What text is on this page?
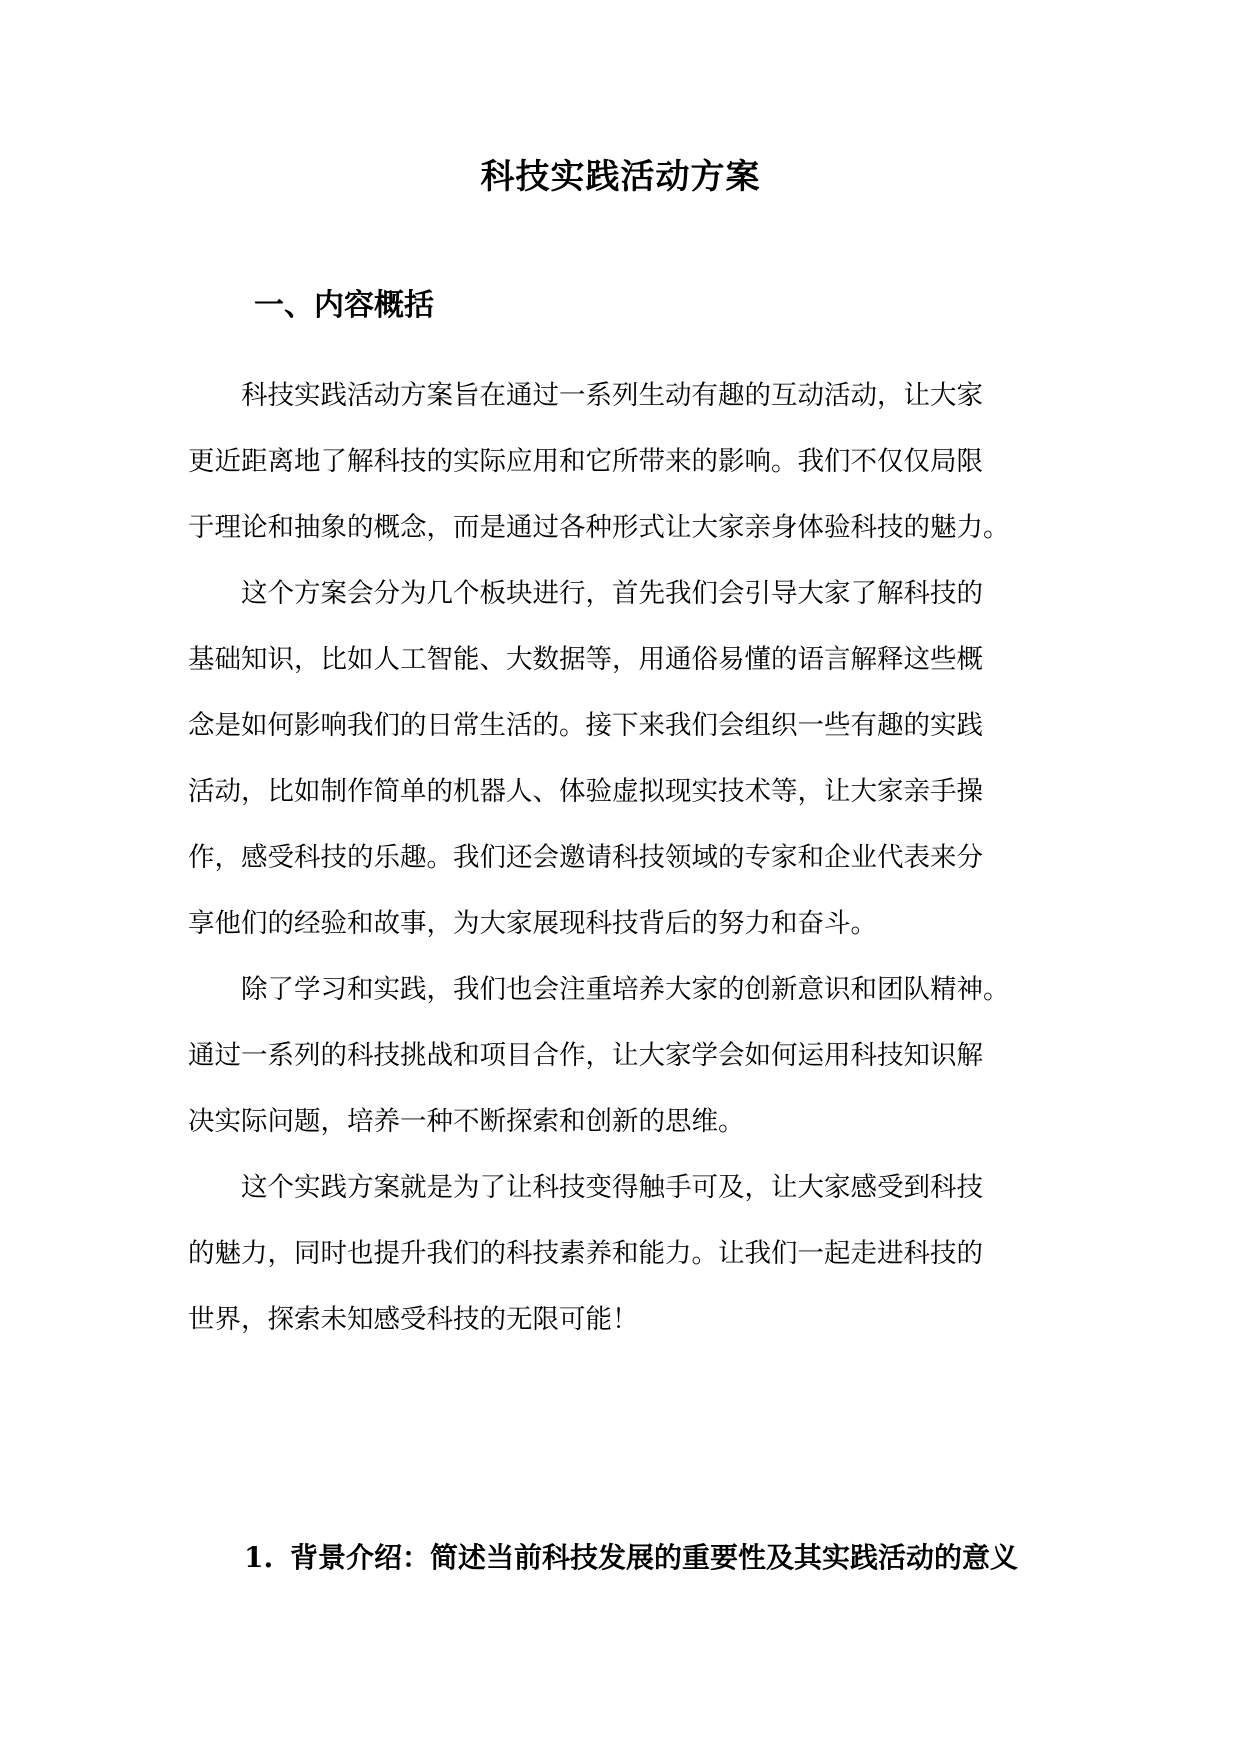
科技实践活动方案
一、内容概括

科技实践活动方案旨在通过一系列生动有趣的互动活动，让大家
更近距离地了解科技的实际应用和它所带来的影响。我们不仅仅局限
于理论和抽象的概念，而是通过各种形式让大家亲身体验科技的魅力。

这个方案会分为几个板块进行，首先我们会引导大家了解科技的
基础知识，比如人工智能、大数据等，用通俗易懂的语言解释这些概
念是如何影响我们的日常生活的。接下来我们会组织一些有趣的实践
活动，比如制作简单的机器人、体验虚拟现实技术等，让大家亲手操
作，感受科技的乐趣。我们还会邀请科技领域的专家和企业代表来分
享他们的经验和故事，为大家展现科技背后的努力和奋斗。

除了学习和实践，我们也会注重培养大家的创新意识和团队精神。
通过一系列的科技挑战和项目合作，让大家学会如何运用科技知识解
决实际问题，培养一种不断探索和创新的思维。

这个实践方案就是为了让科技变得触手可及，让大家感受到科技
的魅力，同时也提升我们的科技素养和能力。让我们一起走进科技的
世界，探索未知感受科技的无限可能！

1. 背景介绍：简述当前科技发展的重要性及其实践活动的意义
